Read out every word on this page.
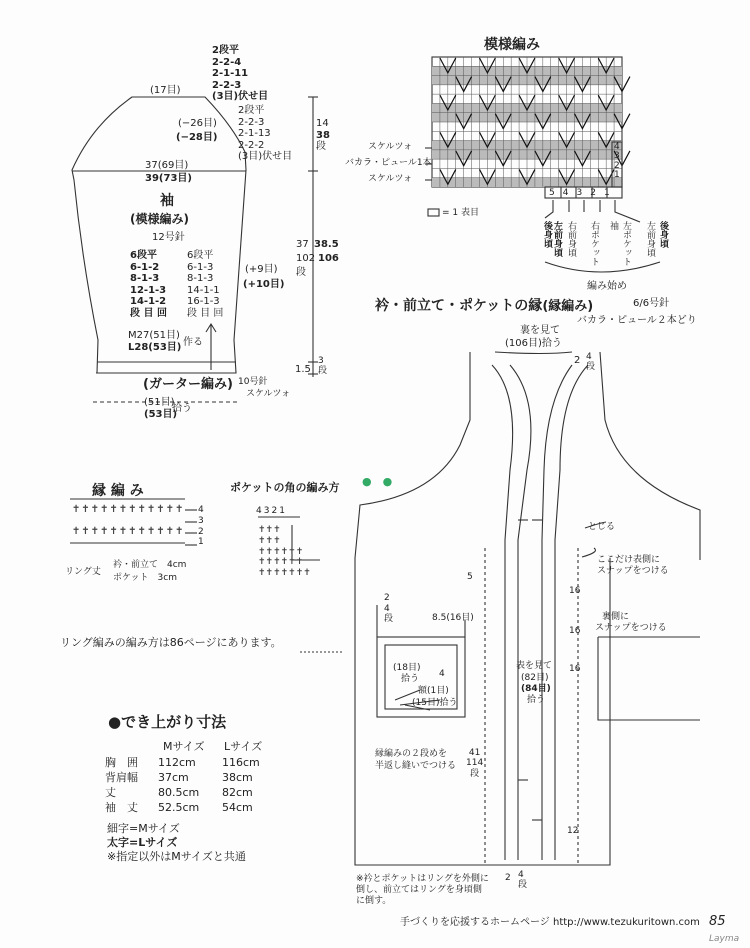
(17目)
2段平
2-2-4
2-1-11
2-2-3
(3目)伏せ目
(−26目)
(−28目)
2段平
2-2-3
2-1-13
2-2-2
(3目)伏せ目
14
38
段
37(69目)
39(73目)
袖
(模様編み)
12号針
6段平
6-1-2
8-1-3
12-1-3
14-1-2
段 目 回
6段平
6-1-3
8-1-3
14-1-1
16-1-3
段 目 回
(+9目)
(+10目)
37 38.5
102 106
段
M27(51目)
L28(53目) 作る
(ガーター編み) 10号針
スケルツォ
1.5
3
段
(51目)
(53目)
拾う
模様編み
スケルツォ
バカラ・ピュール1本
スケルツォ
4
3
2
1
54321
= 1 表目
後身頃 左前身頃 右前身頃 右ポケット 袖 左ポケット 左前身頃 後身頃
編み始め
衿・前立て・ポケットの縁(縁編み)	6/6号針
バカラ・ピュール２本どり
裏を見て
(106目)拾う
2 4
段
とじる
ここだけ表側に
スナップをつける
裏側に
スナップをつける
5
16
16
16
12
41
114
段
2
4
段	8.5(16目)
(18目)
拾う 4
額(1目)
(15目)拾う
表を見て
(82目)
(84目)
拾う
縁編みの２段めを
半返し縫いでつける
2 4
段
※衿とポケットはリングを外側に
倒し、前立てはリングを身頃側
に倒す。
縁 編 み
✝✝✝✝✝✝✝✝✝✝✝✝
✝✝✝✝✝✝✝✝✝✝✝✝
4
3
2
1
リング丈
衿・前立て　4cm
ポケット　3cm
ポケットの角の編み方
4321
✝✝✝
✝✝✝
✝✝✝✝✝✝
✝✝✝✝✝✝
✝✝✝✝✝✝✝
●　●
リング編みの編み方は86ページにあります。
●でき上がり寸法
Mサイズ Lサイズ
胸　囲 112cm 116cm
背肩幅 37cm	38cm
丈	80.5cm 82cm
袖　丈 52.5cm 54cm
細字=Mサイズ
太字=Lサイズ
※指定以外はMサイズと共通
手づくりを応援するホームページ http://www.tezukuritown.com 85
Layma
